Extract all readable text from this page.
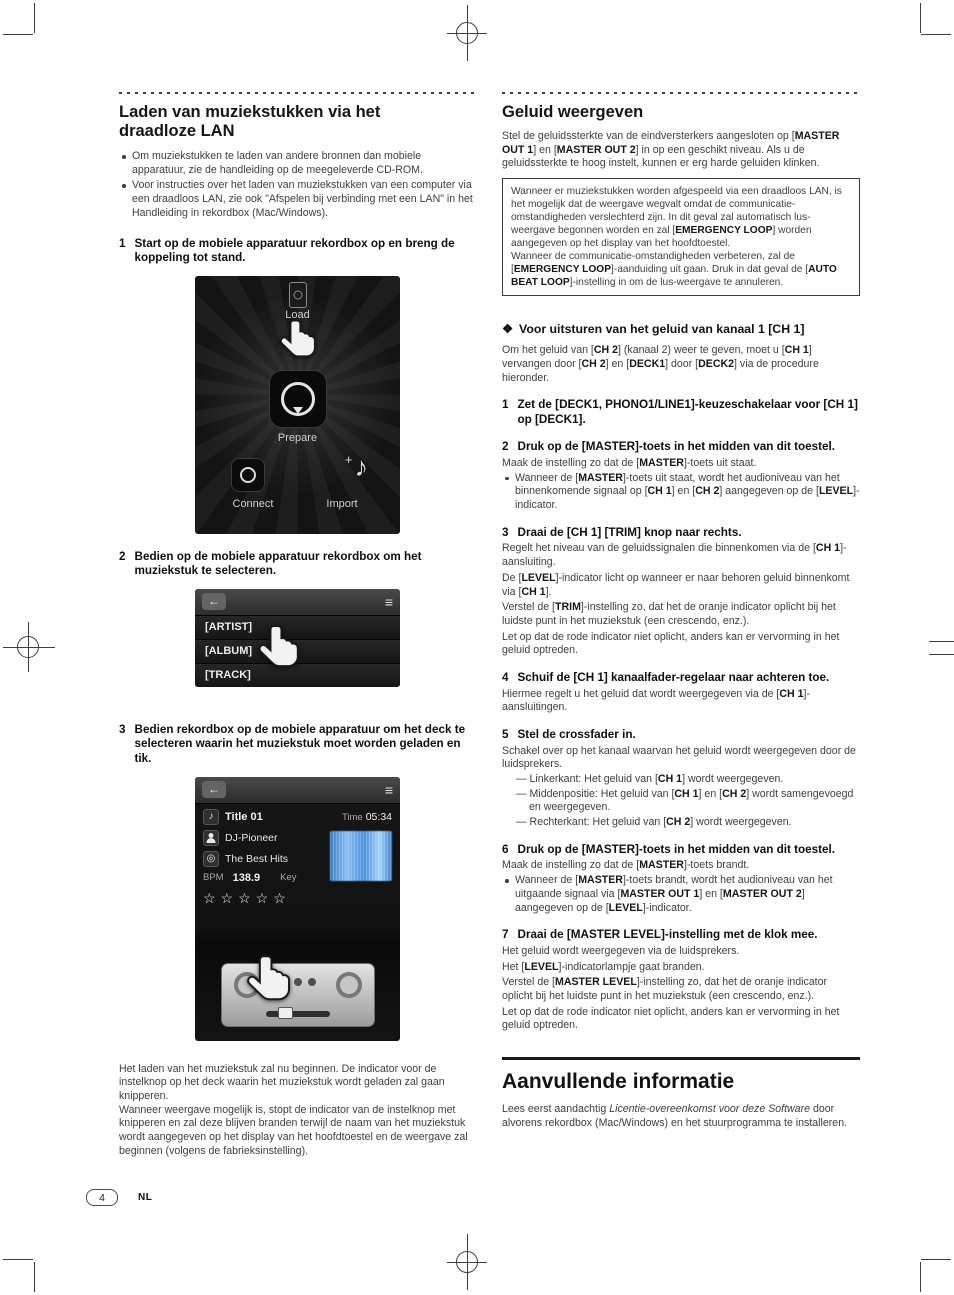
Laden van muziekstukken via het draadloze LAN
Om muziekstukken te laden van andere bronnen dan mobiele apparatuur, zie de handleiding op de meegeleverde CD-ROM.
Voor instructies over het laden van muziekstukken van een computer via een draadloos LAN, zie ook "Afspelen bij verbinding met een LAN" in het Handleiding in rekordbox (Mac/Windows).
1 Start op de mobiele apparatuur rekordbox op en breng de koppeling tot stand.
Load
Prepare
+♪
Connect	Import
2 Bedien op de mobiele apparatuur rekordbox om het muziekstuk te selecteren.
←	≡
[ARTIST]
[ALBUM]
[TRACK]
3 Bedien rekordbox op de mobiele apparatuur om het deck te selecteren waarin het muziekstuk moet worden geladen en tik.
←	≡
♪	Title 01	Time 05:34
DJ-Pioneer
◎ The Best Hits
BPM 138.9 Key
☆☆☆☆☆

Het laden van het muziekstuk zal nu beginnen. De indicator voor de instelknop op het deck waarin het muziekstuk wordt geladen zal gaan knipperen.

Wanneer weergave mogelijk is, stopt de indicator van de instelknop met knipperen en zal deze blijven branden terwijl de naam van het muziekstuk wordt aangegeven op het display van het hoofdtoestel en de weergave zal beginnen (volgens de fabrieksinstelling).

Geluid weergeven

Stel de geluidssterkte van de eindversterkers aangesloten op [MASTER OUT 1] en [MASTER OUT 2] in op een geschikt niveau. Als u de geluidssterkte te hoog instelt, kunnen er erg harde geluiden klinken.

Wanneer er muziekstukken worden afgespeeld via een draadloos LAN, is het mogelijk dat de weergave wegvalt omdat de communicatie-omstandigheden verslechterd zijn. In dit geval zal automatisch lus-weergave begonnen worden en zal [EMERGENCY LOOP] worden aangegeven op het display van het hoofdtoestel.

Wanneer de communicatie-omstandigheden verbeteren, zal de [EMERGENCY LOOP]-aanduiding uit gaan. Druk in dat geval de [AUTO BEAT LOOP]-instelling in om de lus-weergave te annuleren.

❖ Voor uitsturen van het geluid van kanaal 1 [CH 1]

Om het geluid van [CH 2] (kanaal 2) weer te geven, moet u [CH 1] vervangen door [CH 2] en [DECK1] door [DECK2] via de procedure hieronder.

1 Zet de [DECK1, PHONO1/LINE1]-keuzeschakelaar voor [CH 1] op [DECK1].
2 Druk op de [MASTER]-toets in het midden van dit toestel.

Maak de instelling zo dat de [MASTER]-toets uit staat.

Wanneer de [MASTER]-toets uit staat, wordt het audioniveau van het binnenkomende signaal op [CH 1] en [CH 2] aangegeven op de [LEVEL]-indicator.
3 Draai de [CH 1] [TRIM] knop naar rechts.

Regelt het niveau van de geluidssignalen die binnenkomen via de [CH 1]-aansluiting.

De [LEVEL]-indicator licht op wanneer er naar behoren geluid binnenkomt via [CH 1].

Verstel de [TRIM]-instelling zo, dat het de oranje indicator oplicht bij het luidste punt in het muziekstuk (een crescendo, enz.).

Let op dat de rode indicator niet oplicht, anders kan er vervorming in het geluid optreden.

4 Schuif de [CH 1] kanaalfader-regelaar naar achteren toe.

Hiermee regelt u het geluid dat wordt weergegeven via de [CH 1]-aansluitingen.

5 Stel de crossfader in.

Schakel over op het kanaal waarvan het geluid wordt weergegeven door de luidsprekers.

— Linkerkant: Het geluid van [CH 1] wordt weergegeven.

— Middenpositie: Het geluid van [CH 1] en [CH 2] wordt samengevoegd en weergegeven.

— Rechterkant: Het geluid van [CH 2] wordt weergegeven.

6 Druk op de [MASTER]-toets in het midden van dit toestel.

Maak de instelling zo dat de [MASTER]-toets brandt.

Wanneer de [MASTER]-toets brandt, wordt het audioniveau van het uitgaande signaal via [MASTER OUT 1] en [MASTER OUT 2] aangegeven op de [LEVEL]-indicator.
7 Draai de [MASTER LEVEL]-instelling met de klok mee.

Het geluid wordt weergegeven via de luidsprekers.

Het [LEVEL]-indicatorlampje gaat branden.

Verstel de [MASTER LEVEL]-instelling zo, dat het de oranje indicator oplicht bij het luidste punt in het muziekstuk (een crescendo, enz.).

Let op dat de rode indicator niet oplicht, anders kan er vervorming in het geluid optreden.

Aanvullende informatie

Lees eerst aandachtig Licentie-overeenkomst voor deze Software door alvorens rekordbox (Mac/Windows) en het stuurprogramma te installeren.

4	NL
